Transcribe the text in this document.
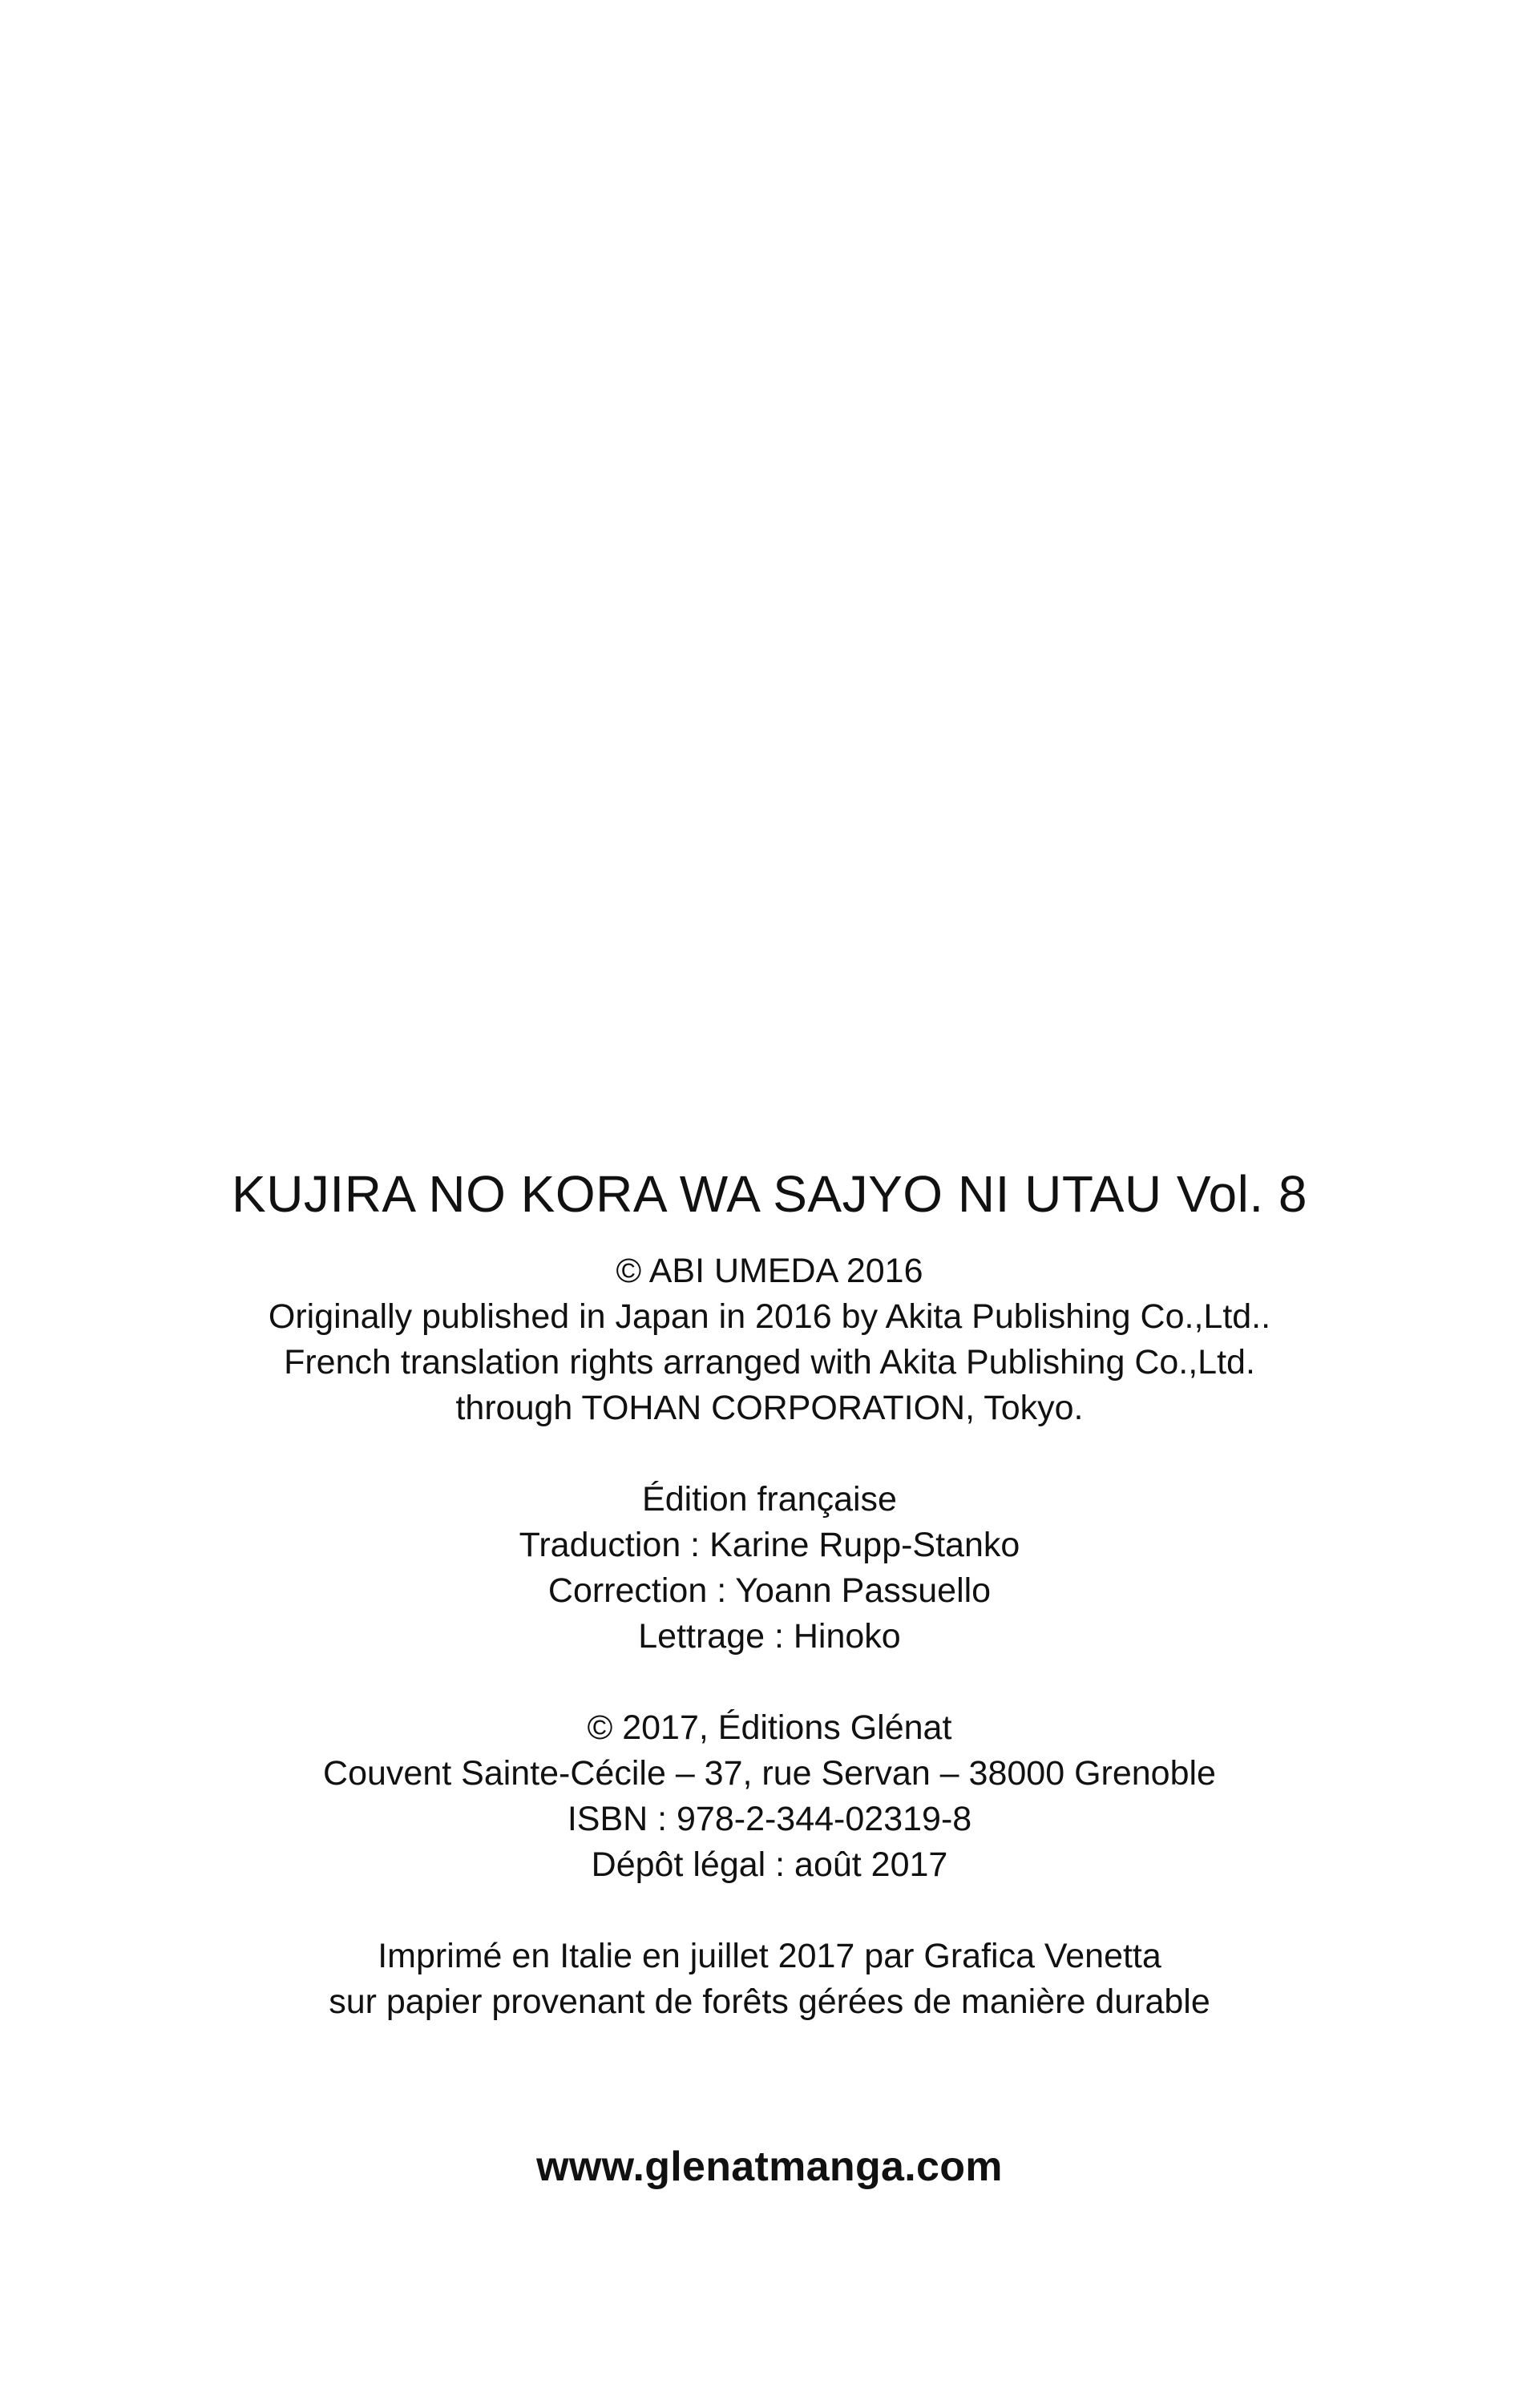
KUJIRA NO KORA WA SAJYO NI UTAU Vol. 8

© ABI UMEDA 2016

Originally published in Japan in 2016 by Akita Publishing Co.,Ltd..

French translation rights arranged with Akita Publishing Co.,Ltd.

through TOHAN CORPORATION, Tokyo.

Édition française

Traduction : Karine Rupp-Stanko

Correction : Yoann Passuello

Lettrage : Hinoko

© 2017, Éditions Glénat

Couvent Sainte-Cécile – 37, rue Servan – 38000 Grenoble

ISBN : 978-2-344-02319-8

Dépôt légal : août 2017

Imprimé en Italie en juillet 2017 par Grafica Venetta

sur papier provenant de forêts gérées de manière durable

www.glenatmanga.com
